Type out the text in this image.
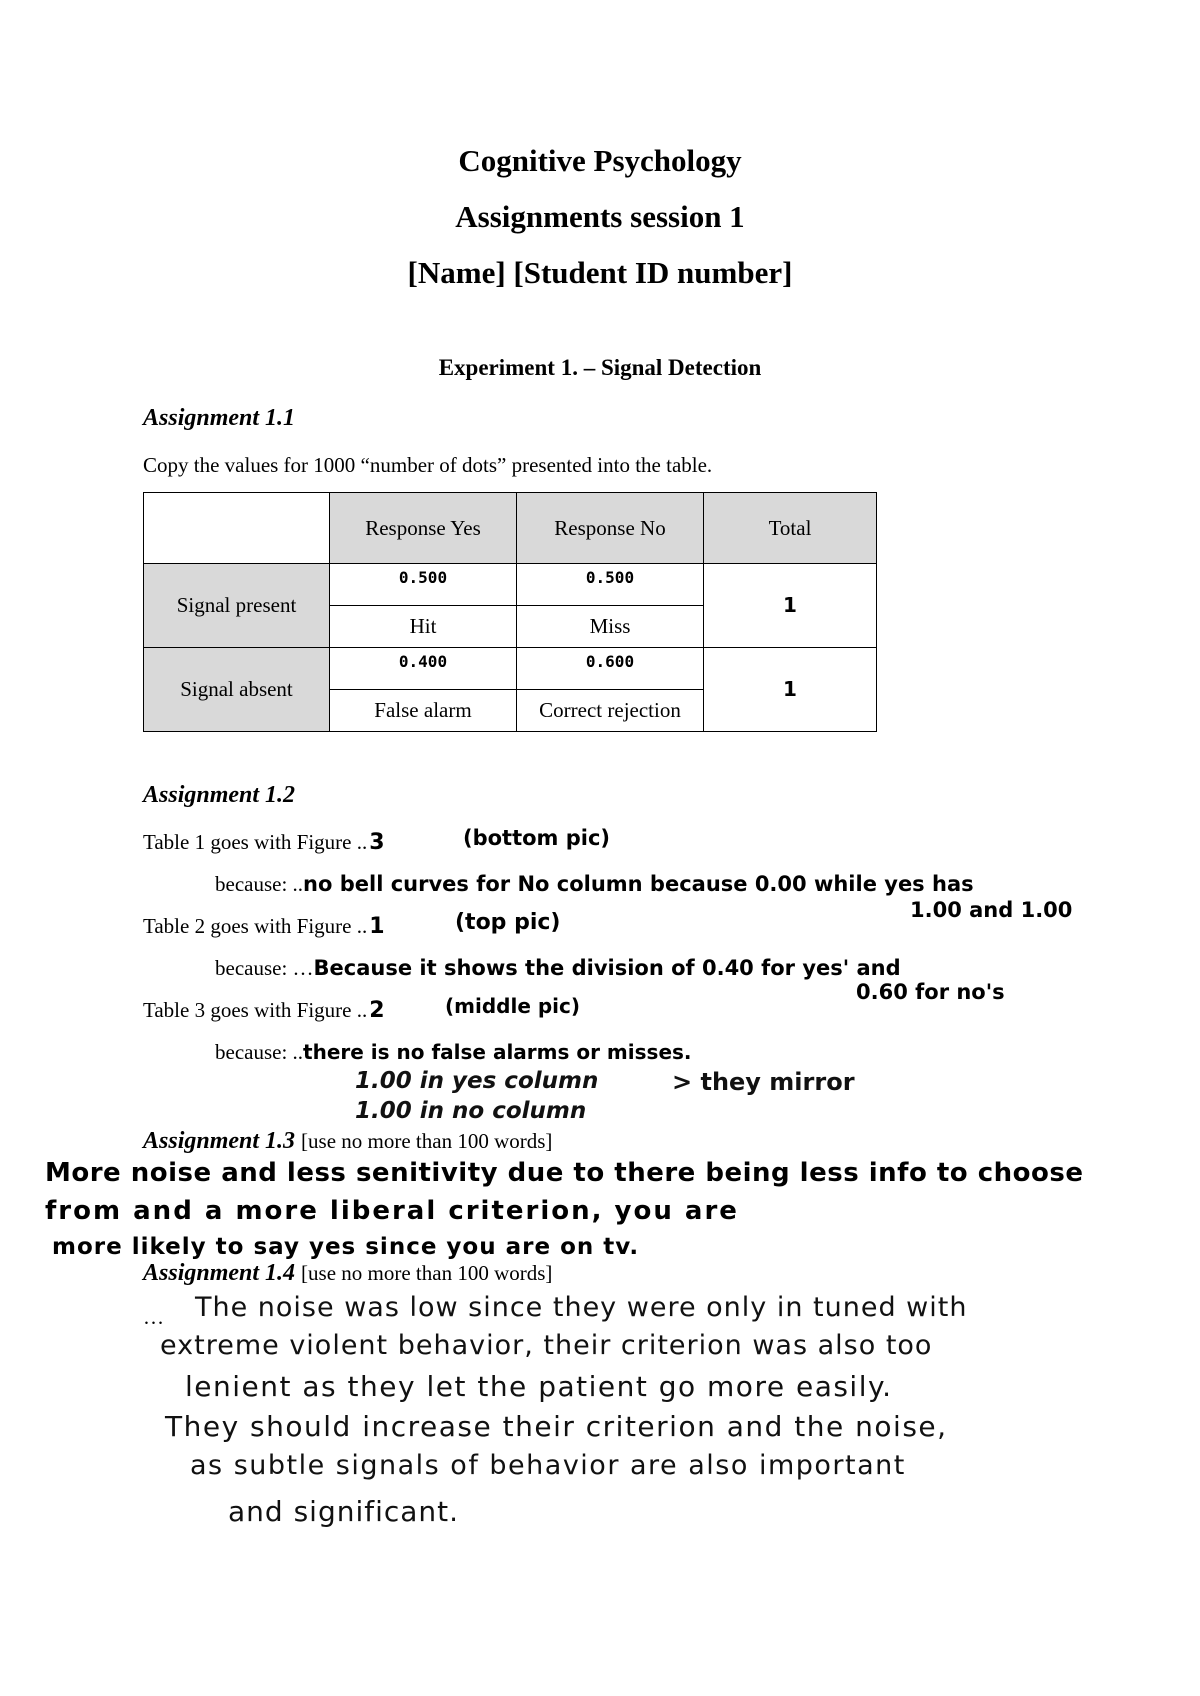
Cognitive Psychology
Assignments session 1
[Name] [Student ID number]
Experiment 1. – Signal Detection
Assignment 1.1
Copy the values for 1000 “number of dots” presented into the table.
	Response Yes	Response No	Total
Signal present	$^{0.500}$	$^{0.500}$	1
	Hit	Miss	
Signal absent	$^{0.400}$	$^{0.600}$	1
	False alarm	Correct rejection	
Assignment 1.2
Table 1 goes with Figure ..3	(bottom pic)
because: ..no bell curves for No column because 0.00 while yes has
1.00 and 1.00
Table 2 goes with Figure ..1	(top pic)
because: …Because it shows the division of 0.40 for yes' and
0.60 for no's
Table 3 goes with Figure ..2	(middle pic)
because: ..there is no false alarms or misses.
1.00 in yes column
1.00 in no column
> they mirror
Assignment 1.3 [use no more than 100 words]
More noise and less senitivity due to there being less info to choose
from and a more liberal criterion, you are
more likely to say yes since you are on tv.
Assignment 1.4 [use no more than 100 words]
… The noise was low since they were only in tuned with
extreme violent behavior, their criterion was also too
lenient as they let the patient go more easily.
They should increase their criterion and the noise,
as subtle signals of behavior are also important
and significant.
